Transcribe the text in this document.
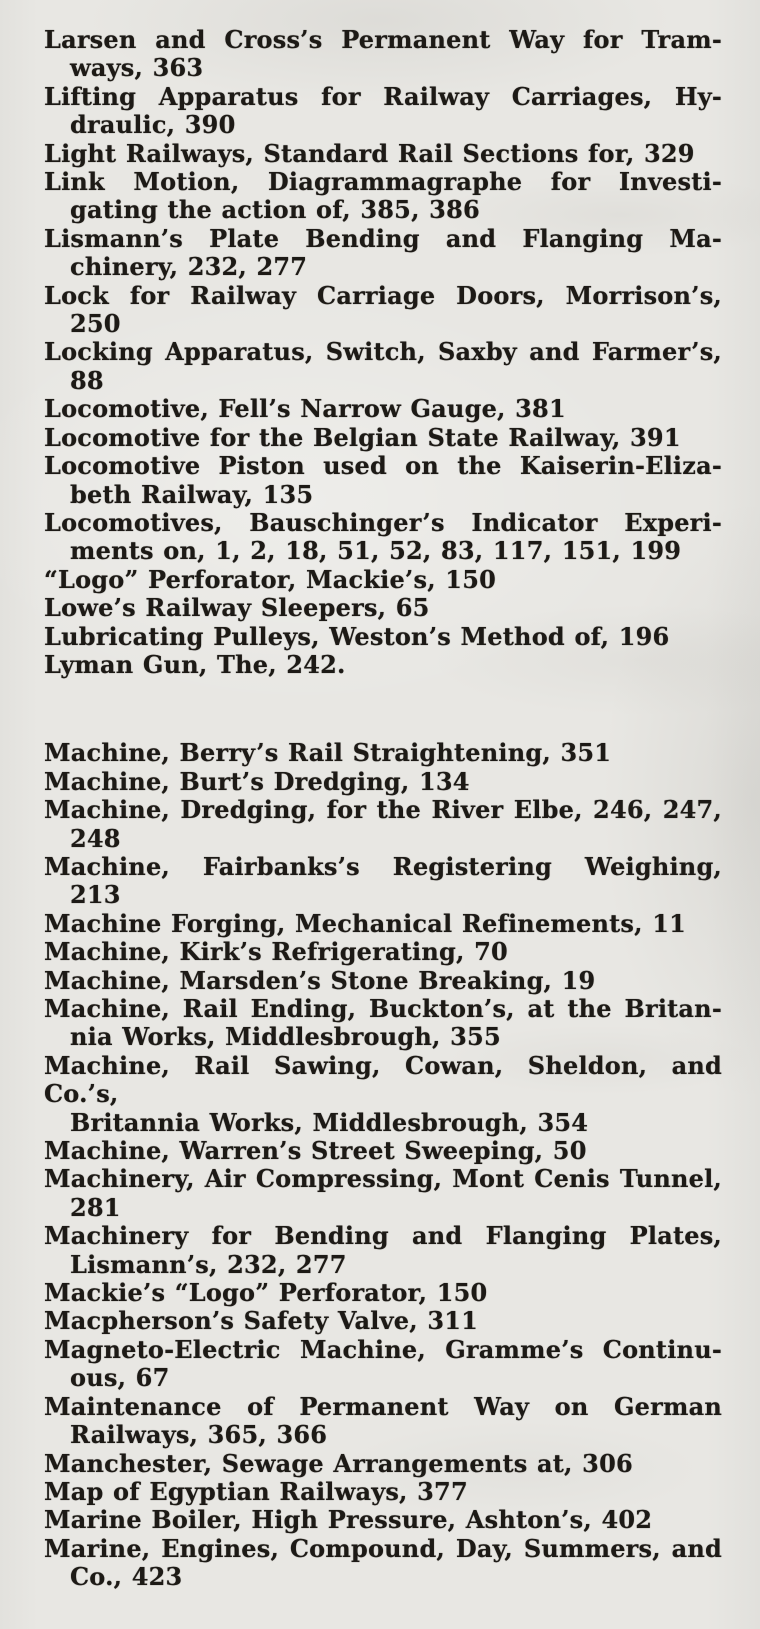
Larsen and Cross’s Permanent Way for Tram-
ways, 363
Lifting Apparatus for Railway Carriages, Hy-
draulic, 390
Light Railways, Standard Rail Sections for, 329
Link Motion, Diagrammagraphe for Investi-
gating the action of, 385, 386
Lismann’s Plate Bending and Flanging Ma-
chinery, 232, 277
Lock for Railway Carriage Doors, Morrison’s,
250
Locking Apparatus, Switch, Saxby and Farmer’s,
88
Locomotive, Fell’s Narrow Gauge, 381
Locomotive for the Belgian State Railway, 391
Locomotive Piston used on the Kaiserin-Eliza-
beth Railway, 135
Locomotives, Bauschinger’s Indicator Experi-
ments on, 1, 2, 18, 51, 52, 83, 117, 151, 199
“Logo” Perforator, Mackie’s, 150
Lowe’s Railway Sleepers, 65
Lubricating Pulleys, Weston’s Method of, 196
Lyman Gun, The, 242.
Machine, Berry’s Rail Straightening, 351
Machine, Burt’s Dredging, 134
Machine, Dredging, for the River Elbe, 246, 247,
248
Machine, Fairbanks’s Registering Weighing,
213
Machine Forging, Mechanical Refinements, 11
Machine, Kirk’s Refrigerating, 70
Machine, Marsden’s Stone Breaking, 19
Machine, Rail Ending, Buckton’s, at the Britan-
nia Works, Middlesbrough, 355
Machine, Rail Sawing, Cowan, Sheldon, and Co.’s,
Britannia Works, Middlesbrough, 354
Machine, Warren’s Street Sweeping, 50
Machinery, Air Compressing, Mont Cenis Tunnel,
281
Machinery for Bending and Flanging Plates,
Lismann’s, 232, 277
Mackie’s “Logo” Perforator, 150
Macpherson’s Safety Valve, 311
Magneto-Electric Machine, Gramme’s Continu-
ous, 67
Maintenance of Permanent Way on German
Railways, 365, 366
Manchester, Sewage Arrangements at, 306
Map of Egyptian Railways, 377
Marine Boiler, High Pressure, Ashton’s, 402
Marine, Engines, Compound, Day, Summers, and
Co., 423
